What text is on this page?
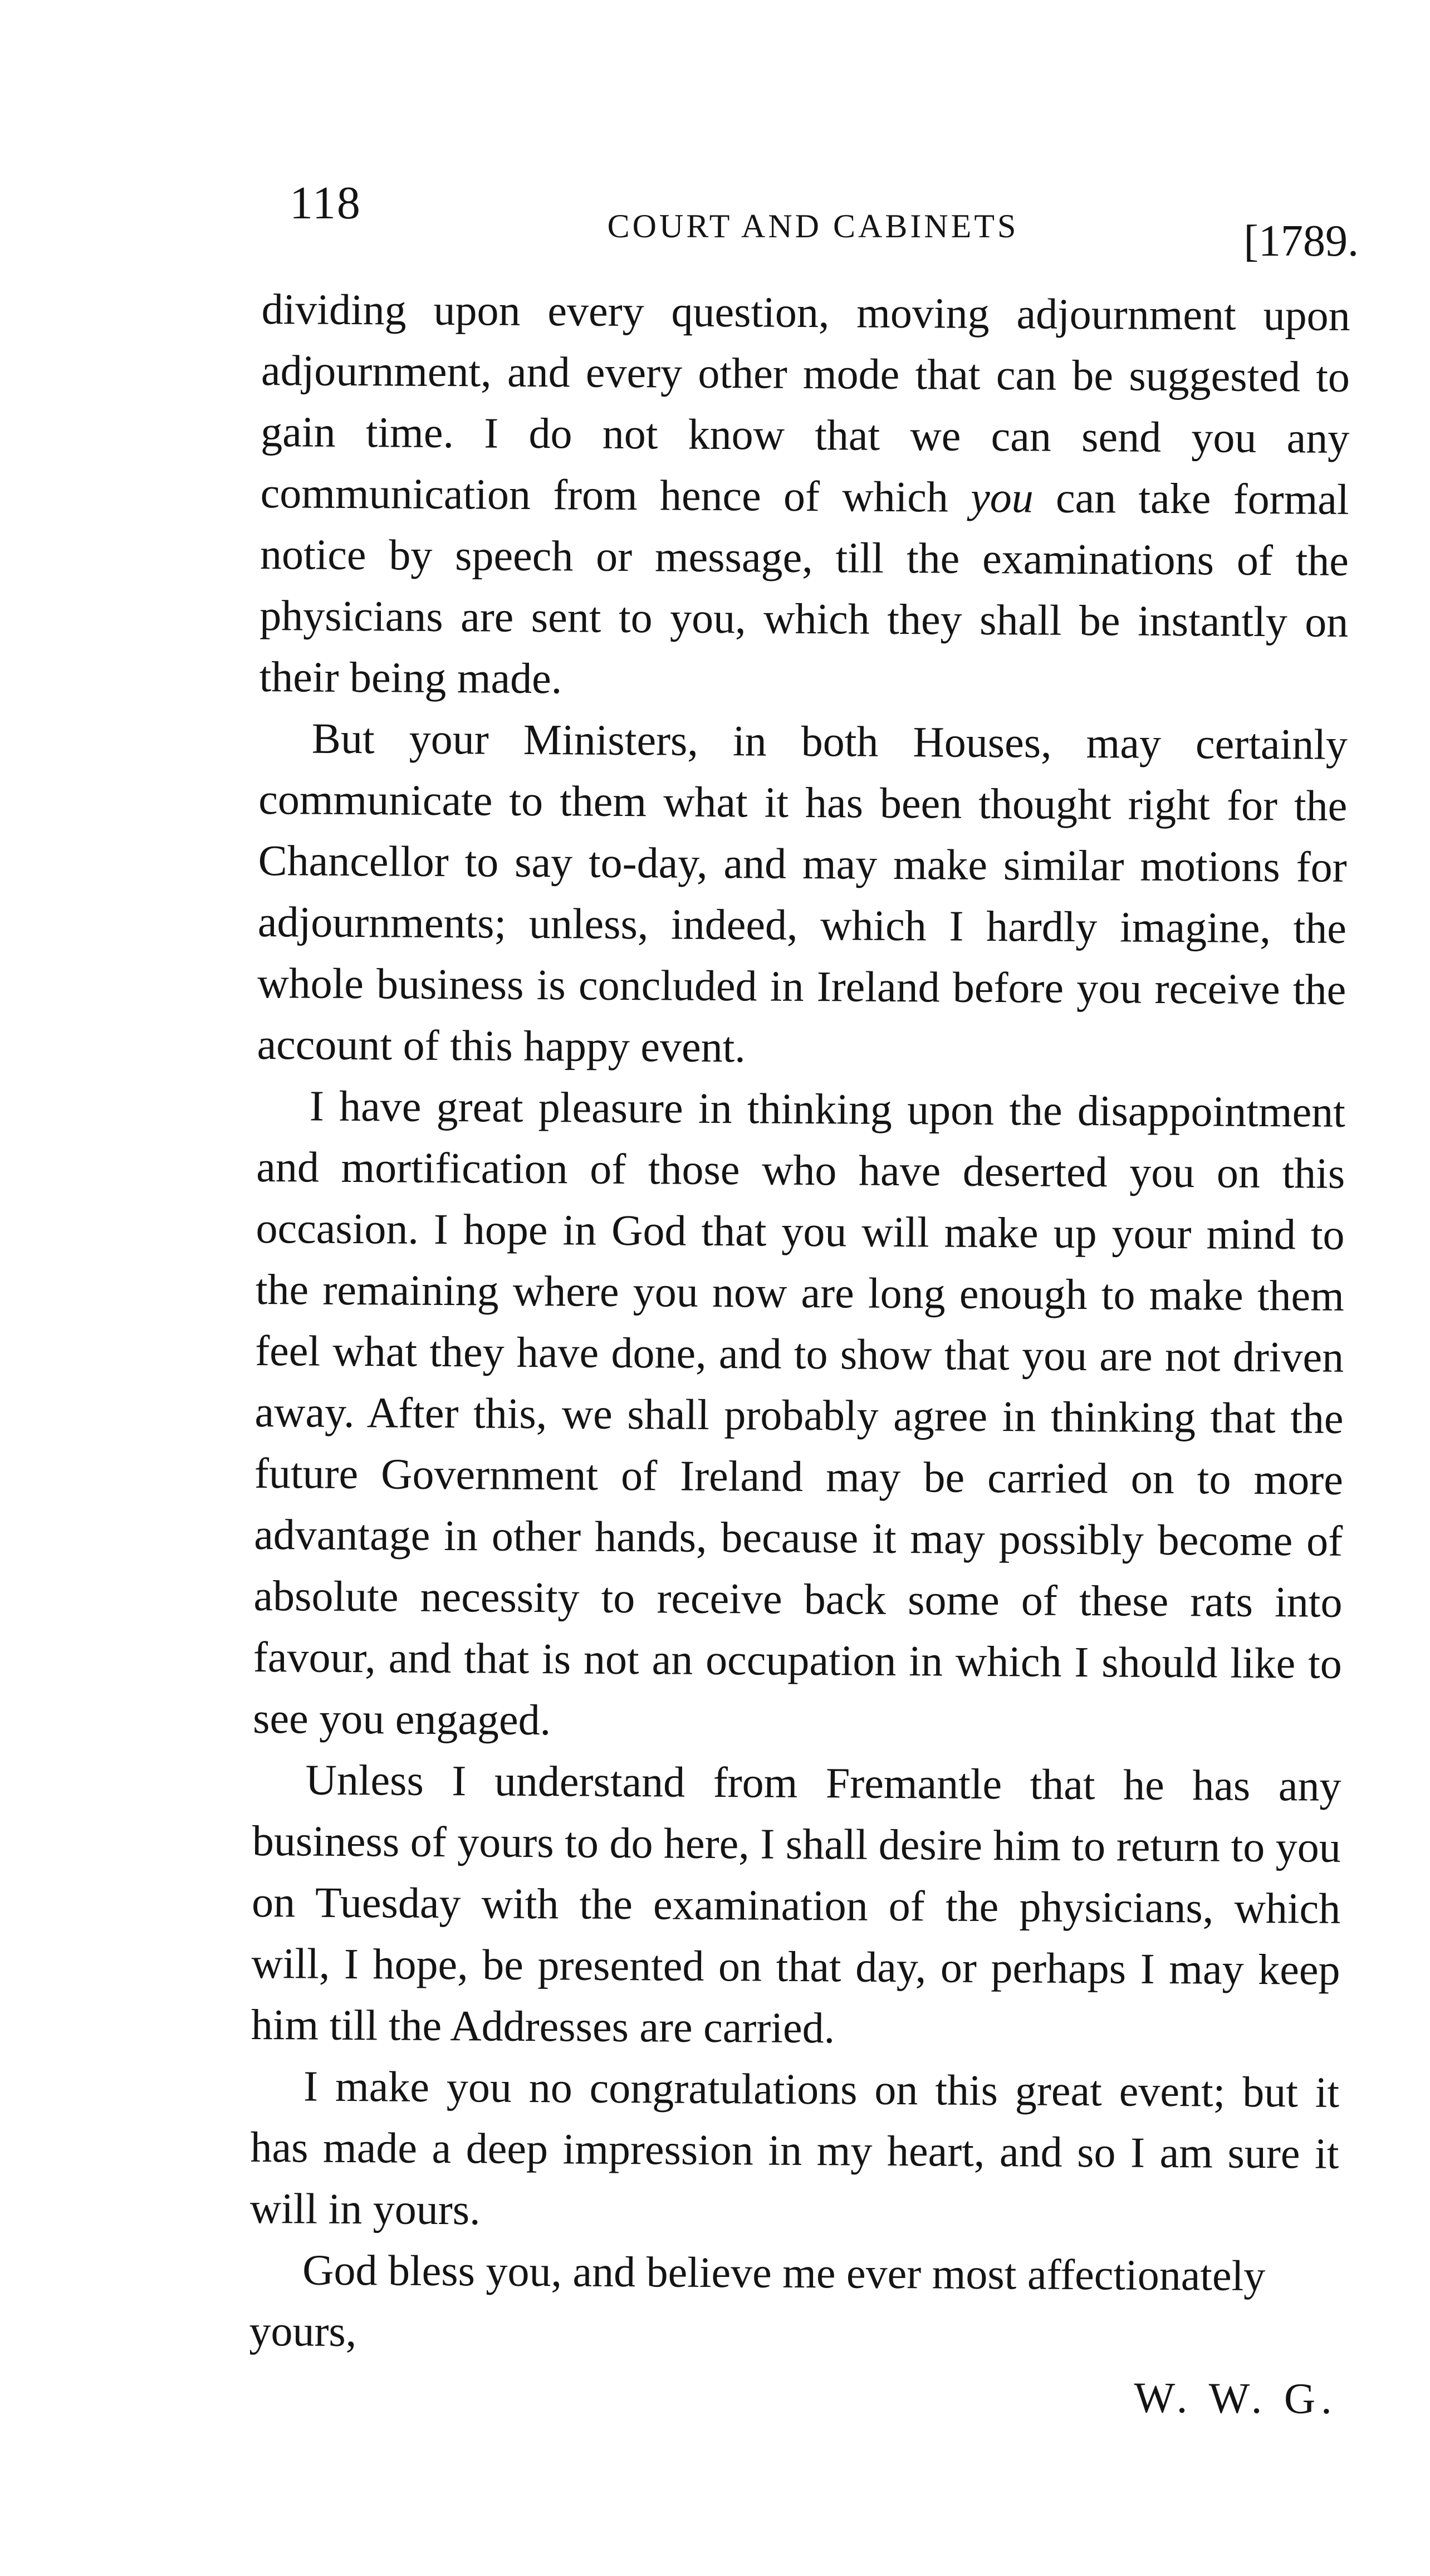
118	COURT AND CABINETS	[1789.

dividing upon every question, moving adjournment upon adjournment, and every other mode that can be suggested to gain time. I do not know that we can send you any communication from hence of which you can take formal notice by speech or message, till the examinations of the physicians are sent to you, which they shall be instantly on their being made.

But your Ministers, in both Houses, may certainly communicate to them what it has been thought right for the Chancellor to say to-day, and may make similar motions for adjournments; unless, indeed, which I hardly imagine, the whole business is concluded in Ireland before you receive the account of this happy event.

I have great pleasure in thinking upon the disappointment and mortification of those who have deserted you on this occasion. I hope in God that you will make up your mind to the remaining where you now are long enough to make them feel what they have done, and to show that you are not driven away. After this, we shall probably agree in thinking that the future Government of Ireland may be carried on to more advantage in other hands, because it may possibly become of absolute necessity to receive back some of these rats into favour, and that is not an occupation in which I should like to see you engaged.

Unless I understand from Fremantle that he has any business of yours to do here, I shall desire him to return to you on Tuesday with the examination of the physicians, which will, I hope, be presented on that day, or perhaps I may keep him till the Addresses are carried.

I make you no congratulations on this great event; but it has made a deep impression in my heart, and so I am sure it will in yours.

God bless you, and believe me ever most affectionately yours,

W. W. G.
